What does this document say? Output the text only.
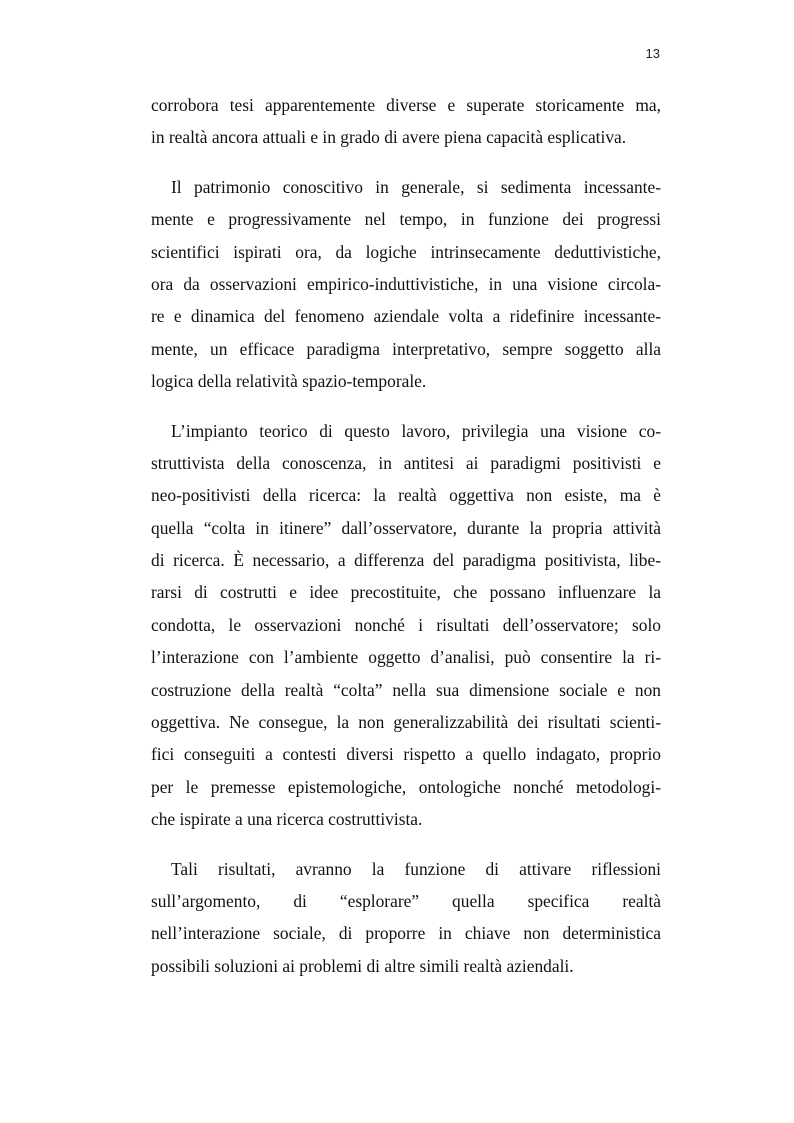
13
corrobora tesi apparentemente diverse e superate storicamente ma,
in realtà ancora attuali e in grado di avere piena capacità esplicativa.
Il patrimonio conoscitivo in generale, si sedimenta incessante-
mente e progressivamente nel tempo, in funzione dei progressi
scientifici ispirati ora, da logiche intrinsecamente deduttivistiche,
ora da osservazioni empirico-induttivistiche, in una visione circola-
re e dinamica del fenomeno aziendale volta a ridefinire incessante-
mente, un efficace paradigma interpretativo, sempre soggetto alla
logica della relatività spazio-temporale.
L’impianto teorico di questo lavoro, privilegia una visione co-
struttivista della conoscenza, in antitesi ai paradigmi positivisti e
neo-positivisti della ricerca: la realtà oggettiva non esiste, ma è
quella “colta in itinere” dall’osservatore, durante la propria attività
di ricerca. È necessario, a differenza del paradigma positivista, libe-
rarsi di costrutti e idee precostituite, che possano influenzare la
condotta, le osservazioni nonché i risultati dell’osservatore; solo
l’interazione con l’ambiente oggetto d’analisi, può consentire la ri-
costruzione della realtà “colta” nella sua dimensione sociale e non
oggettiva. Ne consegue, la non generalizzabilità dei risultati scienti-
fici conseguiti a contesti diversi rispetto a quello indagato, proprio
per le premesse epistemologiche, ontologiche nonché metodologi-
che ispirate a una ricerca costruttivista.
Tali risultati, avranno la funzione di attivare riflessioni
sull’argomento, di “esplorare” quella specifica realtà
nell’interazione sociale, di proporre in chiave non deterministica
possibili soluzioni ai problemi di altre simili realtà aziendali.
